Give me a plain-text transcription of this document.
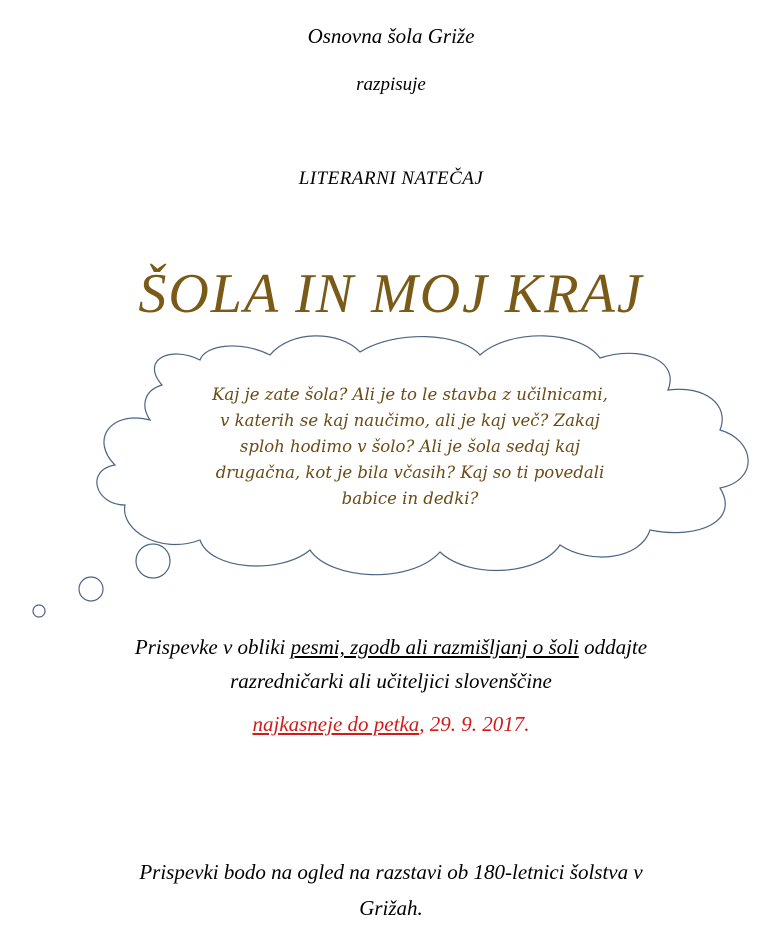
Osnovna šola Griže
razpisuje
LITERARNI NATEČAJ
ŠOLA IN MOJ KRAJ
Kaj je zate šola? Ali je to le stavba z učilnicami,
v katerih se kaj naučimo, ali je kaj več? Zakaj
sploh hodimo v šolo? Ali je šola sedaj kaj
drugačna, kot je bila včasih? Kaj so ti povedali
babice in dedki?
Prispevke v obliki pesmi, zgodb ali razmišljanj o šoli oddajte
razredničarki ali učiteljici slovenščine
najkasneje do petka, 29. 9. 2017.
Prispevki bodo na ogled na razstavi ob 180-letnici šolstva v
Grižah.
